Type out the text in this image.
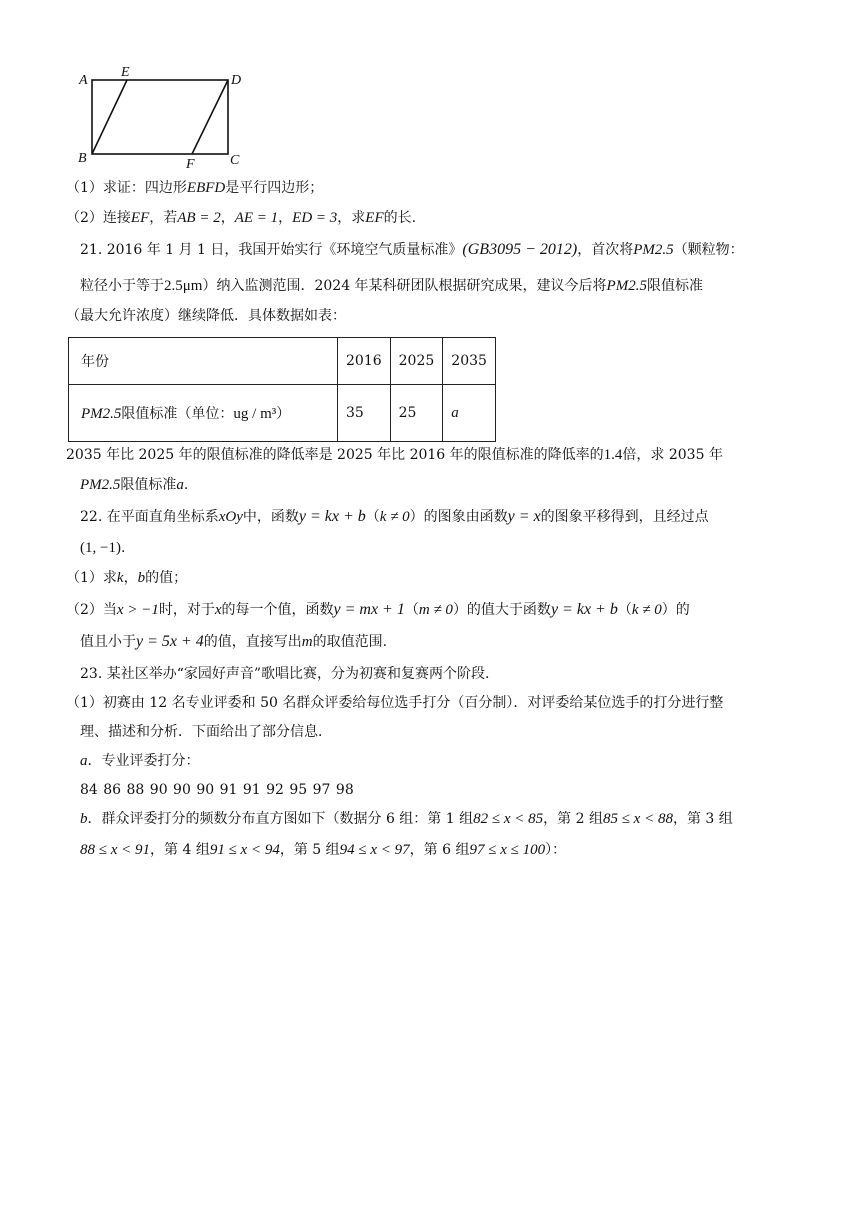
A
E
D
B	F	C
（1）求证：四边形EBFD是平行四边形；
（2）连接EF，若AB = 2，AE = 1，ED = 3，求EF的长.
21. 2016 年 1 月 1 日，我国开始实行《环境空气质量标准》(GB3095 − 2012)，首次将PM2.5（颗粒物：
粒径小于等于2.5μm）纳入监测范围．2024 年某科研团队根据研究成果，建议今后将PM2.5限值标准
（最大允许浓度）继续降低．具体数据如表：
年份	2016	2025	2035
PM2.5限值标准（单位：ug / m³）	35	25	a
2035 年比 2025 年的限值标准的降低率是 2025 年比 2016 年的限值标准的降低率的1.4倍，求 2035 年
PM2.5限值标准a.
22. 在平面直角坐标系xOy中，函数y = kx + b（k ≠ 0）的图象由函数y = x的图象平移得到，且经过点
(1, −1).
（1）求k，b的值；
（2）当x > −1时，对于x的每一个值，函数y = mx + 1（m ≠ 0）的值大于函数y = kx + b（k ≠ 0）的
值且小于y = 5x + 4的值，直接写出m的取值范围.
23. 某社区举办“家园好声音”歌唱比赛，分为初赛和复赛两个阶段.
（1）初赛由 12 名专业评委和 50 名群众评委给每位选手打分（百分制）．对评委给某位选手的打分进行整
理、描述和分析．下面给出了部分信息．
a．专业评委打分：
84 86 88 90 90 90 91 91 92 95 97 98
b．群众评委打分的频数分布直方图如下（数据分 6 组：第 1 组82 ≤ x < 85，第 2 组85 ≤ x < 88，第 3 组
88 ≤ x < 91，第 4 组91 ≤ x < 94，第 5 组94 ≤ x < 97，第 6 组97 ≤ x ≤ 100）：
